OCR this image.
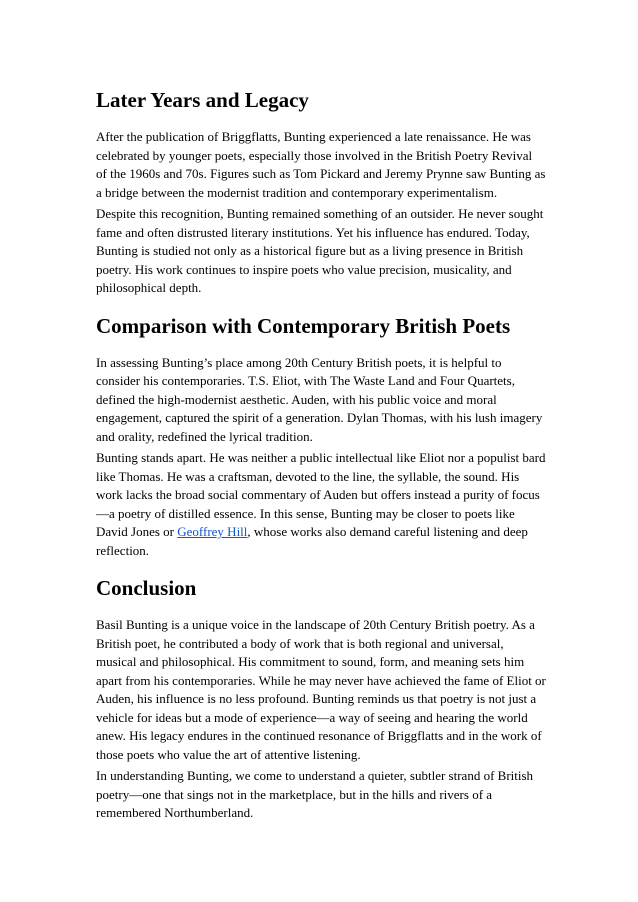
Later Years and Legacy

After the publication of Briggflatts, Bunting experienced a late renaissance. He was celebrated by younger poets, especially those involved in the British Poetry Revival of the 1960s and 70s. Figures such as Tom Pickard and Jeremy Prynne saw Bunting as a bridge between the modernist tradition and contemporary experimentalism.

Despite this recognition, Bunting remained something of an outsider. He never sought fame and often distrusted literary institutions. Yet his influence has endured. Today, Bunting is studied not only as a historical figure but as a living presence in British poetry. His work continues to inspire poets who value precision, musicality, and philosophical depth.

Comparison with Contemporary British Poets

In assessing Bunting’s place among 20th Century British poets, it is helpful to consider his contemporaries. T.S. Eliot, with The Waste Land and Four Quartets, defined the high-modernist aesthetic. Auden, with his public voice and moral engagement, captured the spirit of a generation. Dylan Thomas, with his lush imagery and orality, redefined the lyrical tradition.

Bunting stands apart. He was neither a public intellectual like Eliot nor a populist bard like Thomas. He was a craftsman, devoted to the line, the syllable, the sound. His work lacks the broad social commentary of Auden but offers instead a purity of focus —a poetry of distilled essence. In this sense, Bunting may be closer to poets like David Jones or Geoffrey Hill, whose works also demand careful listening and deep reflection.

Conclusion

Basil Bunting is a unique voice in the landscape of 20th Century British poetry. As a British poet, he contributed a body of work that is both regional and universal, musical and philosophical. His commitment to sound, form, and meaning sets him apart from his contemporaries. While he may never have achieved the fame of Eliot or Auden, his influence is no less profound. Bunting reminds us that poetry is not just a vehicle for ideas but a mode of experience—a way of seeing and hearing the world anew. His legacy endures in the continued resonance of Briggflatts and in the work of those poets who value the art of attentive listening.

In understanding Bunting, we come to understand a quieter, subtler strand of British poetry—one that sings not in the marketplace, but in the hills and rivers of a remembered Northumberland.
